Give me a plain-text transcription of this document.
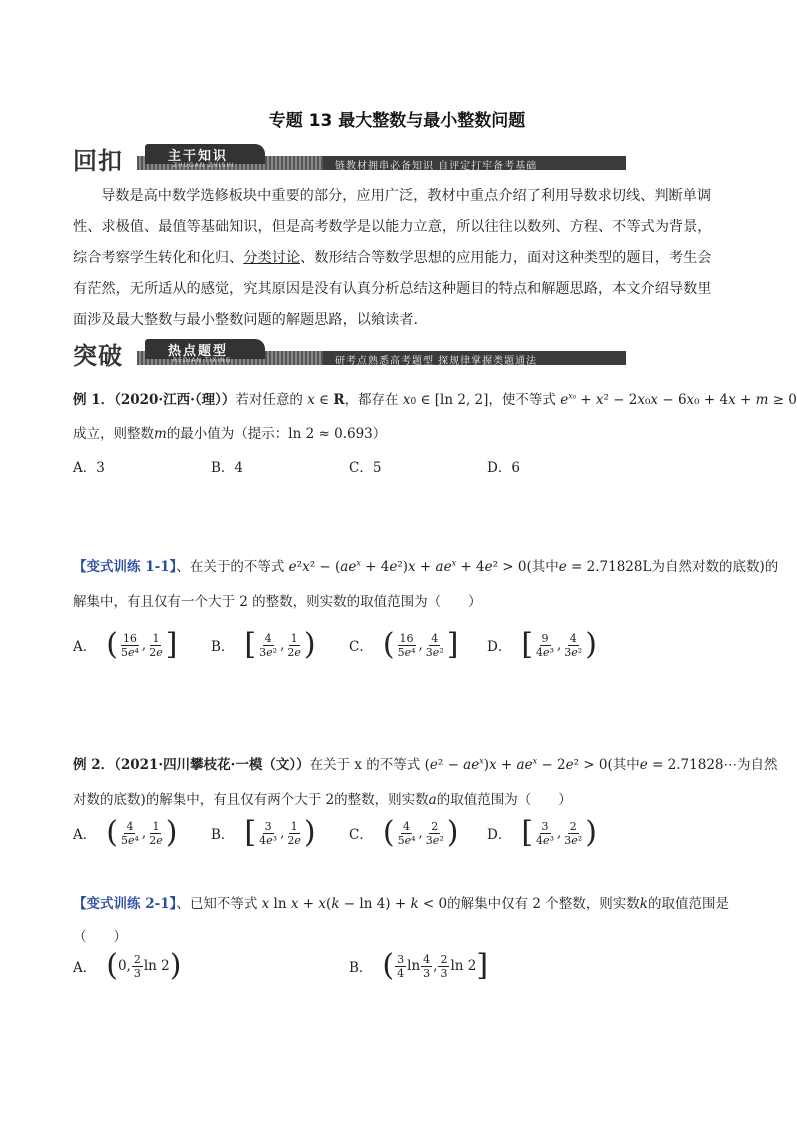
专题 13 最大整数与最小整数问题
回扣	主干知识
ZHUGAN ZHISHI	链教材拥串必备知识 自评定打牢备考基础
导数是高中数学选修板块中重要的部分，应用广泛，教材中重点介绍了利用导数求切线、判断单调性、求极值、最值等基础知识，但是高考数学是以能力立意，所以往往以数列、方程、不等式为背景，综合考察学生转化和化归、分类讨论、数形结合等数学思想的应用能力，面对这种类型的题目，考生会有茫然，无所适从的感觉，究其原因是没有认真分析总结这种题目的特点和解题思路，本文介绍导数里面涉及最大整数与最小整数问题的解题思路，以飨读者.
突破	热点题型
REDIAN TIXING	研考点熟悉高考题型 探规律掌握类题通法
例 1．（2020·江西·（理））若对任意的 x ∈ R，都存在 x0 ∈ [ln 2, 2]，使不等式 $e^{x_0} + x^2 - 2x_0x - 6x_0 + 4x + m \ge 0$
成立，则整数m的最小值为（提示：ln 2 ≈ 0.693）
A．3	B．4	C．5	D．6
【变式训练 1-1】、在关于的不等式 $e^2x^2 - (ae^x + 4e^2)x + ae^x + 4e^2 > 0$(其中e = 2.71828L为自然对数的底数)的
解集中，有且仅有一个大于 2 的整数，则实数的取值范围为（　　）
A． ( $\frac{16}{\text{5e⁴}}$ , $\frac{1}{2e}$ ] B． [ $\frac{4}{\text{3e²}}$ , $\frac{1}{2e}$ ) C． ( $\frac{16}{\text{5e⁴}}$ , $\frac{4}{\text{3e²}}$ ] D． [ $\frac{9}{\text{4e³}}$ , $\frac{4}{\text{3e²}}$ )
例 2．（2021·四川攀枝花·一模（文））在关于 x 的不等式 $(e^2 - ae^x)x + ae^x - 2e^2 > 0$(其中e = 2.71828⋯为自然
对数的底数)的解集中，有且仅有两个大于 2的整数，则实数a的取值范围为（　　）
A． ( $\frac{4}{\text{5e⁴}}$ , $\frac{1}{2e}$ ) B． [ $\frac{3}{\text{4e³}}$ , $\frac{1}{2e}$ ) C． ( $\frac{4}{\text{5e⁴}}$ , $\frac{2}{\text{3e²}}$ ) D． [ $\frac{3}{\text{4e³}}$ , $\frac{2}{\text{3e²}}$ )
【变式训练 2-1】、已知不等式 x ln x + x(k − ln 4) + k < 0的解集中仅有 2 个整数，则实数k的取值范围是
（　　）
A． ( 0, $\frac{2}{3}$ ln 2 )	B． ( $\frac{3}{4}$ $\ln \frac{4}{3}$ , $\frac{2}{3}$ ln 2 ]
